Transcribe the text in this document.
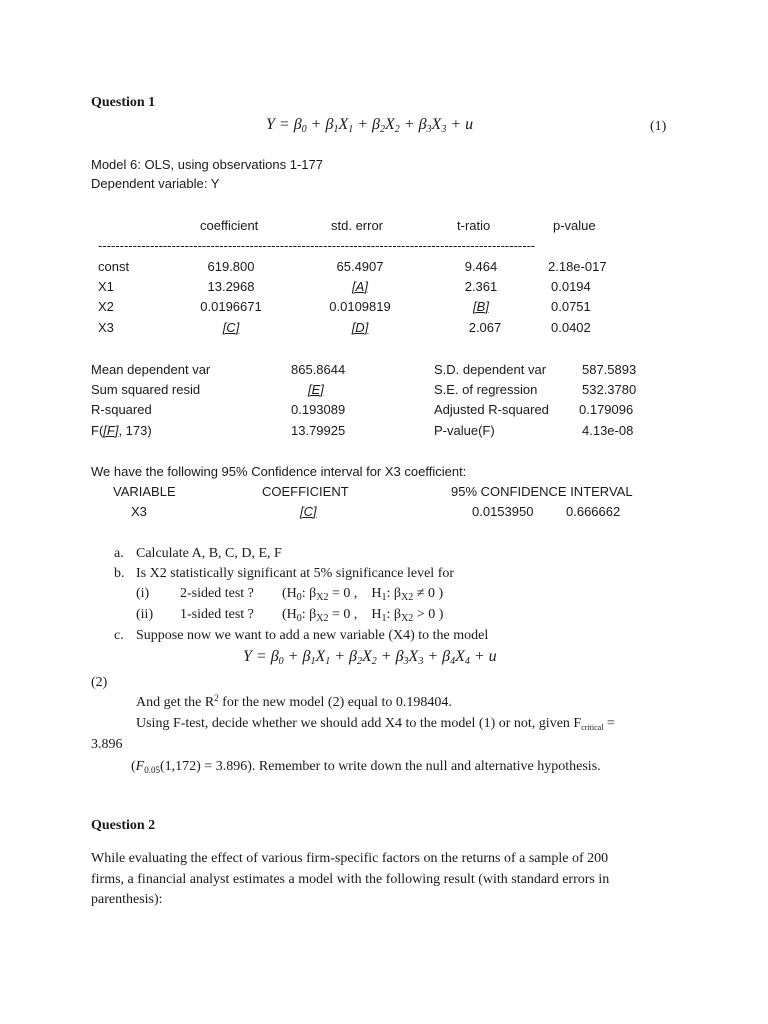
Question 1
$Y = \beta_0 + \beta_1X_1 + \beta_2X_2 + \beta_3X_3 + u$	(1)
Model 6: OLS, using observations 1-177
Dependent variable: Y
coefficient	std. error	t-ratio	p-value
-----------------------------------------------------------------------------------------------------
const	619.800	65.4907	9.464	2.18e-017
X1	13.2968	[A]	2.361	0.0194
X2	0.0196671	0.0109819	[B]	0.0751
X3	[C]	[D]	2.067	0.0402
Mean dependent var	865.8644	S.D. dependent var	587.5893
Sum squared resid	[E]	S.E. of regression	532.3780
R-squared	0.193089	Adjusted R-squared 0.179096
F([F], 173)	13.79925	P-value(F)	4.13e-08
We have the following 95% Confidence interval for X3 coefficient:
VARIABLE	COEFFICIENT	95% CONFIDENCE INTERVAL
X3	[C]	0.0153950	0.666662
a. Calculate A, B, C, D, E, F
b. Is X2 statistically significant at 5% significance level for
(i) 2-sided test ? ($H_0$: $\beta_{X2} = 0$ ,    $H_1$: $\beta_{X2} \ne 0$ )
(ii) 1-sided test ? ($H_0$: $\beta_{X2} = 0$ ,    $H_1$: $\beta_{X2} > 0$ )
c. Suppose now we want to add a new variable (X4) to the model
$Y = \beta_0 + \beta_1X_1 + \beta_2X_2 + \beta_3X_3 + \beta_4X_4 + u$
(2)
And get the $R^2$ for the new model (2) equal to 0.198404.
Using F-test, decide whether we should add X4 to the model (1) or not, given $F_{critical}$ =
3.896
$(F_{0.05}(1,172) = 3.896)$. Remember to write down the null and alternative hypothesis.
Question 2
While evaluating the effect of various firm-specific factors on the returns of a sample of 200
firms, a financial analyst estimates a model with the following result (with standard errors in
parenthesis):
